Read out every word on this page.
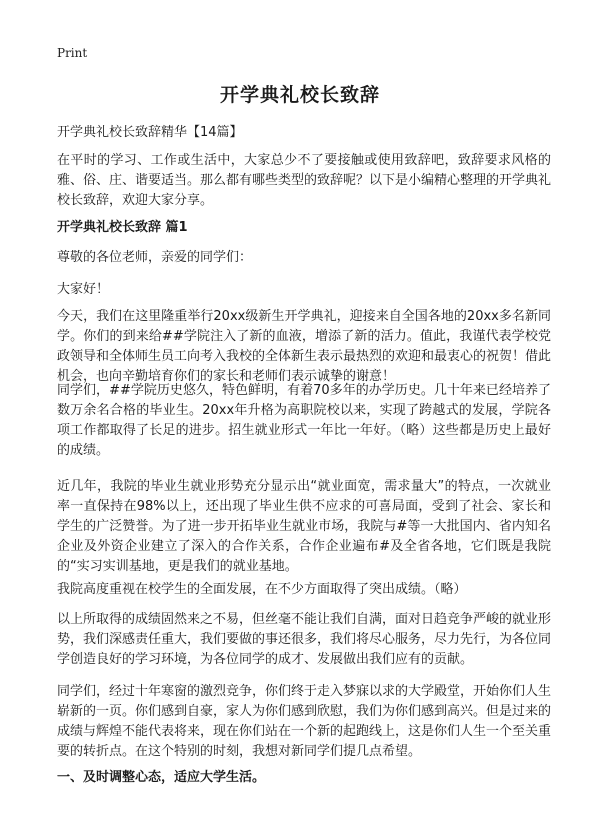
Print
开学典礼校长致辞
开学典礼校长致辞精华【14篇】

在平时的学习、工作或生活中，大家总少不了要接触或使用致辞吧，致辞要求风格的雅、俗、庄、谐要适当。那么都有哪些类型的致辞呢？以下是小编精心整理的开学典礼校长致辞，欢迎大家分享。

开学典礼校长致辞 篇1

尊敬的各位老师，亲爱的同学们：

大家好！

今天，我们在这里隆重举行20xx级新生开学典礼，迎接来自全国各地的20xx多名新同学。你们的到来给##学院注入了新的血液，增添了新的活力。值此，我谨代表学校党政领导和全体师生员工向考入我校的全体新生表示最热烈的欢迎和最衷心的祝贺！借此机会，也向辛勤培育你们的家长和老师们表示诚挚的谢意！

同学们，##学院历史悠久，特色鲜明，有着70多年的办学历史。几十年来已经培养了数万余名合格的毕业生。20xx年升格为高职院校以来，实现了跨越式的发展，学院各项工作都取得了长足的进步。招生就业形式一年比一年好。（略）这些都是历史上最好的成绩。

近几年，我院的毕业生就业形势充分显示出“就业面宽，需求量大”的特点，一次就业率一直保持在98%以上，还出现了毕业生供不应求的可喜局面，受到了社会、家长和学生的广泛赞誉。为了进一步开拓毕业生就业市场，我院与#等一大批国内、省内知名企业及外资企业建立了深入的合作关系，合作企业遍布#及全省各地，它们既是我院的“实习实训基地，更是我们的就业基地。

我院高度重视在校学生的全面发展，在不少方面取得了突出成绩。（略）

以上所取得的成绩固然来之不易，但丝毫不能让我们自满，面对日趋竞争严峻的就业形势，我们深感责任重大，我们要做的事还很多，我们将尽心服务，尽力先行，为各位同学创造良好的学习环境，为各位同学的成才、发展做出我们应有的贡献。

同学们，经过十年寒窗的激烈竞争，你们终于走入梦寐以求的大学殿堂，开始你们人生崭新的一页。你们感到自豪，家人为你们感到欣慰，我们为你们感到高兴。但是过来的成绩与辉煌不能代表将来，现在你们站在一个新的起跑线上，这是你们人生一个至关重要的转折点。在这个特别的时刻，我想对新同学们提几点希望。

一、及时调整心态，适应大学生活。
